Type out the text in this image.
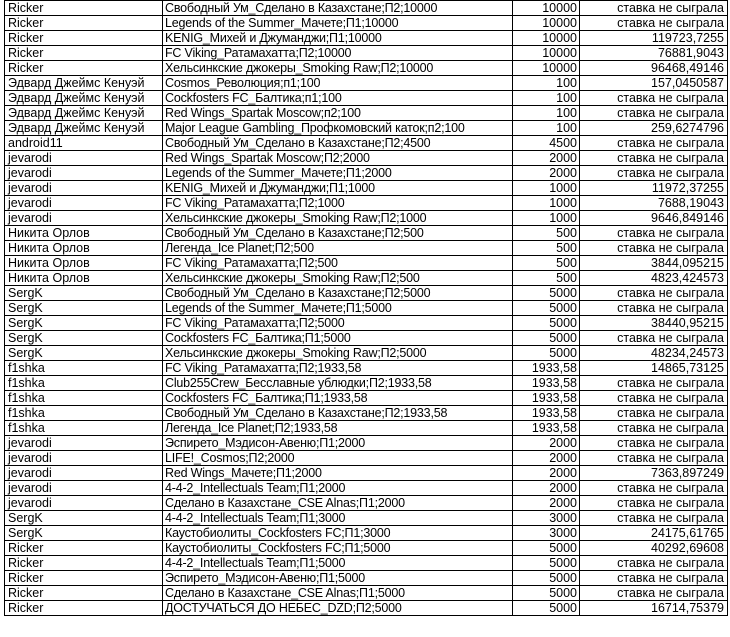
Ricker	Свободный Ум_Сделано в Казахстане;П2;10000	10000	ставка не сыграла
Ricker	Legends of the Summer_Мачете;П1;10000	10000	ставка не сыграла
Ricker	KENIG_Михей и Джуманджи;П1;10000	10000	119723,7255
Ricker	FC Viking_Ратамахатта;П2;10000	10000	76881,9043
Ricker	Хельсинкские джокеры_Smoking Raw;П2;10000	10000	96468,49146
Эдвард Джеймс Кенуэй	Cosmos_Революция;п1;100	100	157,0450587
Эдвард Джеймс Кенуэй	Cockfosters FC_Балтика;п1;100	100	ставка не сыграла
Эдвард Джеймс Кенуэй	Red Wings_Spartak Moscow;п2;100	100	ставка не сыграла
Эдвард Джеймс Кенуэй	Major League Gambling_Профкомовский каток;п2;100	100	259,6274796
android11	Свободный Ум_Сделано в Казахстане;П2;4500	4500	ставка не сыграла
jevarodi	Red Wings_Spartak Moscow;П2;2000	2000	ставка не сыграла
jevarodi	Legends of the Summer_Мачете;П1;2000	2000	ставка не сыграла
jevarodi	KENIG_Михей и Джуманджи;П1;1000	1000	11972,37255
jevarodi	FC Viking_Ратамахатта;П2;1000	1000	7688,19043
jevarodi	Хельсинкские джокеры_Smoking Raw;П2;1000	1000	9646,849146
Никита Орлов	Свободный Ум_Сделано в Казахстане;П2;500	500	ставка не сыграла
Никита Орлов	Легенда_Ice Planet;П2;500	500	ставка не сыграла
Никита Орлов	FC Viking_Ратамахатта;П2;500	500	3844,095215
Никита Орлов	Хельсинкские джокеры_Smoking Raw;П2;500	500	4823,424573
SergK	Свободный Ум_Сделано в Казахстане;П2;5000	5000	ставка не сыграла
SergK	Legends of the Summer_Мачете;П1;5000	5000	ставка не сыграла
SergK	FC Viking_Ратамахатта;П2;5000	5000	38440,95215
SergK	Cockfosters FC_Балтика;П1;5000	5000	ставка не сыграла
SergK	Хельсинкские джокеры_Smoking Raw;П2;5000	5000	48234,24573
f1shka	FC Viking_Ратамахатта;П2;1933,58	1933,58	14865,73125
f1shka	Club255Crew_Бесславные ублюдки;П2;1933,58	1933,58	ставка не сыграла
f1shka	Cockfosters FC_Балтика;П1;1933,58	1933,58	ставка не сыграла
f1shka	Свободный Ум_Сделано в Казахстане;П2;1933,58	1933,58	ставка не сыграла
f1shka	Легенда_Ice Planet;П2;1933,58	1933,58	ставка не сыграла
jevarodi	Эспирето_Мэдисон-Авеню;П1;2000	2000	ставка не сыграла
jevarodi	LIFE!_Cosmos;П2;2000	2000	ставка не сыграла
jevarodi	Red Wings_Мачете;П1;2000	2000	7363,897249
jevarodi	4-4-2_Intellectuals Team;П1;2000	2000	ставка не сыграла
jevarodi	Сделано в Казахстане_CSE Alnas;П1;2000	2000	ставка не сыграла
SergK	4-4-2_Intellectuals Team;П1;3000	3000	ставка не сыграла
SergK	Каустобиолиты_Cockfosters FC;П1;3000	3000	24175,61765
Ricker	Каустобиолиты_Cockfosters FC;П1;5000	5000	40292,69608
Ricker	4-4-2_Intellectuals Team;П1;5000	5000	ставка не сыграла
Ricker	Эспирето_Мэдисон-Авеню;П1;5000	5000	ставка не сыграла
Ricker	Сделано в Казахстане_CSE Alnas;П1;5000	5000	ставка не сыграла
Ricker	ДОСТУЧАТЬСЯ ДО НЕБЕС_DZD;П2;5000	5000	16714,75379
